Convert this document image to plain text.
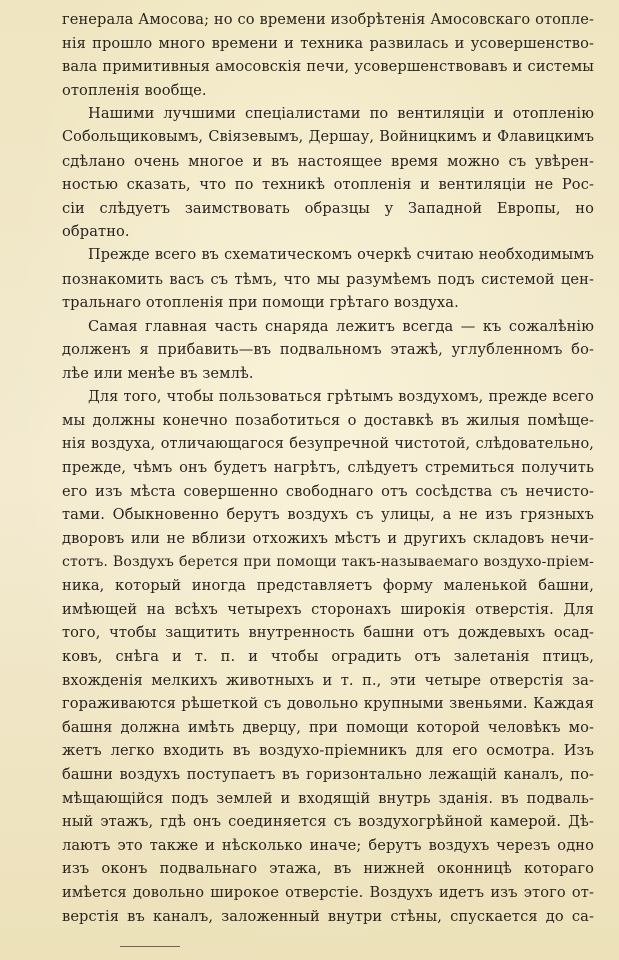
генерала Амосова; но со времени изобрѣтенія Амосовскаго отопле-
нія прошло много времени и техника развилась и усовершенство-
вала примитивныя амосовскія печи, усовершенствовавъ и системы
отопленія вообще.
Нашими лучшими спеціалистами по вентиляціи и отопленію
Собольщиковымъ, Свіязевымъ, Дершау, Войницкимъ и Флавицкимъ
сдѣлано очень многое и въ настоящее время можно съ увѣрен-
ностью сказать, что по техникѣ отопленія и вентиляціи не Рос-
сіи слѣдуетъ заимствовать образцы у Западной Европы, но
обратно.
Прежде всего въ схематическомъ очеркѣ считаю необходимымъ
познакомить васъ съ тѣмъ, что мы разумѣемъ подъ системой цен-
тральнаго отопленія при помощи грѣтаго воздуха.
Самая главная часть снаряда лежитъ всегда — къ сожалѣнію
долженъ я прибавить—въ подвальномъ этажѣ, углубленномъ бо-
лѣе или менѣе въ землѣ.
Для того, чтобы пользоваться грѣтымъ воздухомъ, прежде всего
мы должны конечно позаботиться о доставкѣ въ жилыя помѣще-
нія воздуха, отличающагося безупречной чистотой, слѣдовательно,
прежде, чѣмъ онъ будетъ нагрѣтъ, слѣдуетъ стремиться получить
его изъ мѣста совершенно свободнаго отъ сосѣдства съ нечисто-
тами. Обыкновенно берутъ воздухъ съ улицы, а не изъ грязныхъ
дворовъ или не вблизи отхожихъ мѣстъ и другихъ складовъ нечи-
стотъ. Воздухъ берется при помощи такъ-называемаго воздухо-пріем-
ника, который иногда представляетъ форму маленькой башни,
имѣющей на всѣхъ четырехъ сторонахъ широкія отверстія. Для
того, чтобы защитить внутренность башни отъ дождевыхъ осад-
ковъ, снѣга и т. п. и чтобы оградить отъ залетанія птицъ,
вхожденія мелкихъ животныхъ и т. п., эти четыре отверстія за-
горaживаются рѣшеткой съ довольно крупными звеньями. Каждая
башня должна имѣть дверцу, при помощи которой человѣкъ мо-
жетъ легко входить въ воздухо-пріемникъ для его осмотра. Изъ
башни воздухъ поступаетъ въ горизонтально лежащій каналъ, по-
мѣщающійся подъ землей и входящій внутрь зданія. въ подваль-
ный этажъ, гдѣ онъ соединяется съ воздухогрѣйной камерой. Дѣ-
лаютъ это также и нѣсколько иначе; берутъ воздухъ черезъ одно
изъ оконъ подвальнаго этажа, въ нижней оконницѣ котораго
имѣется довольно широкое отверстіе. Воздухъ идетъ изъ этого от-
верстія въ каналъ, заложенный внутри стѣны, спускается до са-
